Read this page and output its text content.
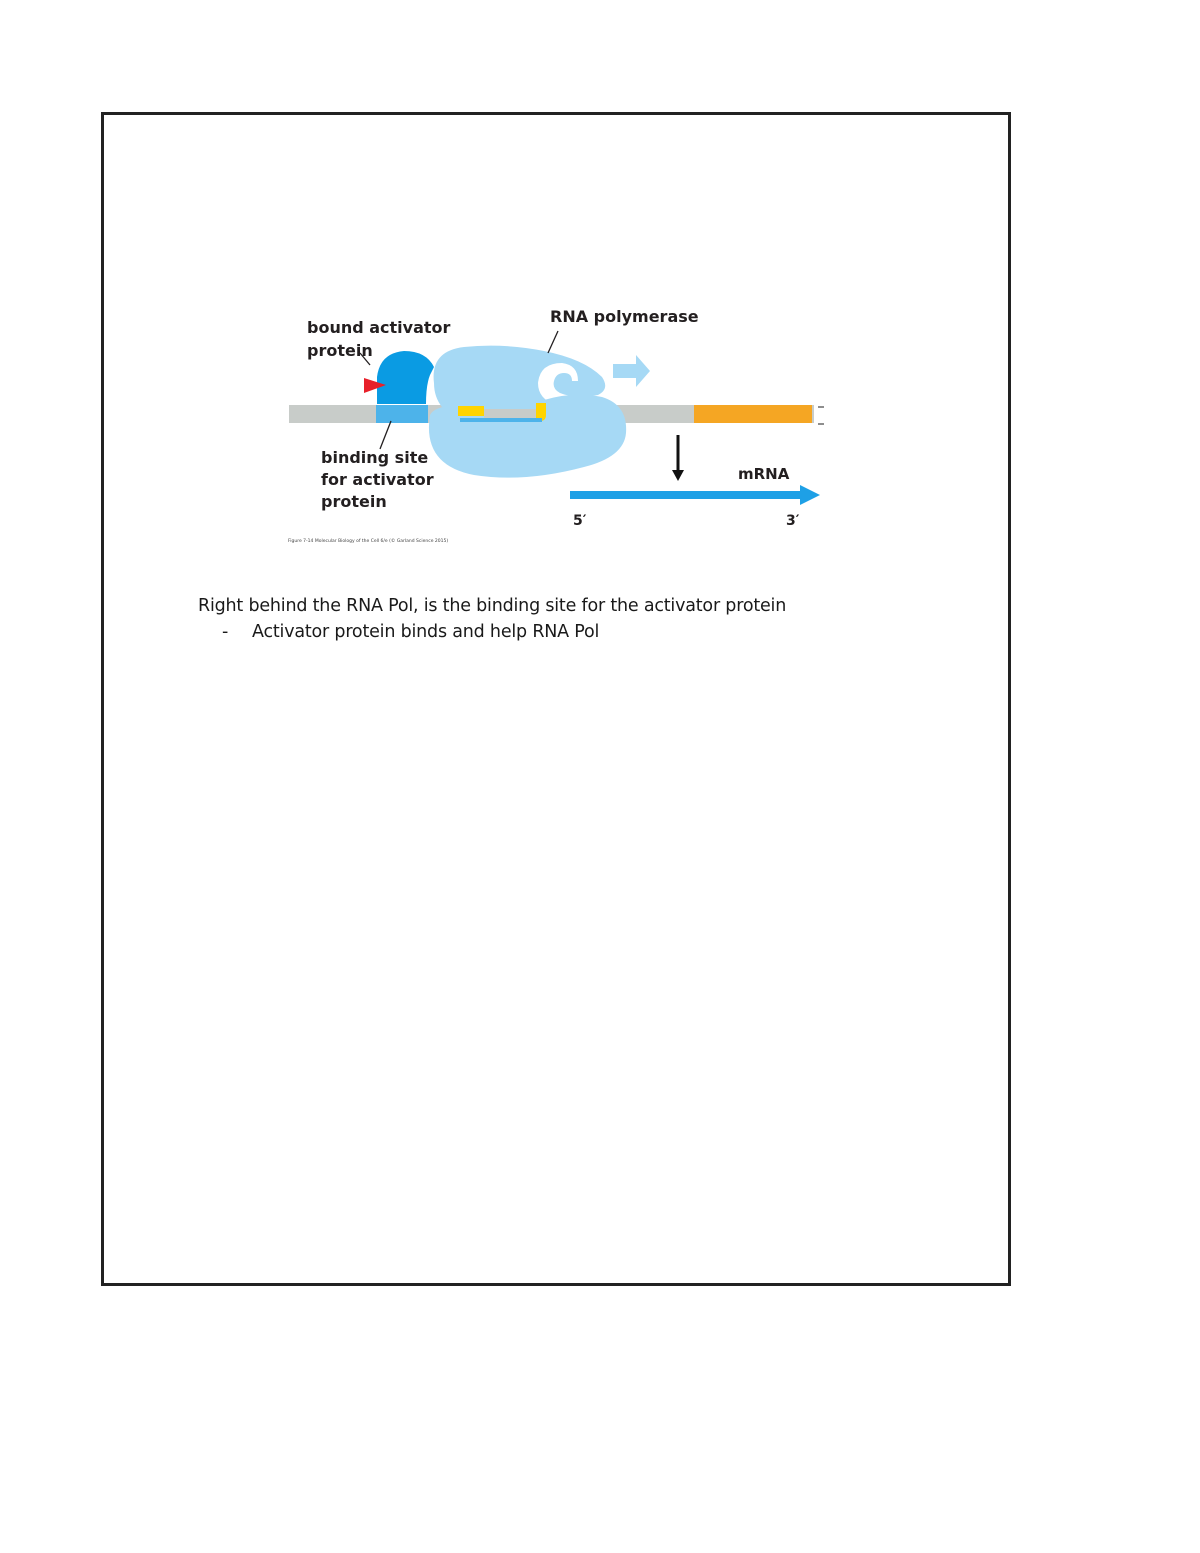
RNA polymerase
bound activator
protein
binding site
for activator
protein
mRNA
5′	3′
Figure 7-14 Molecular Biology of the Cell 6/e (© Garland Science 2015)
Right behind the RNA Pol, is the binding site for the activator protein
-	Activator protein binds and help RNA Pol
